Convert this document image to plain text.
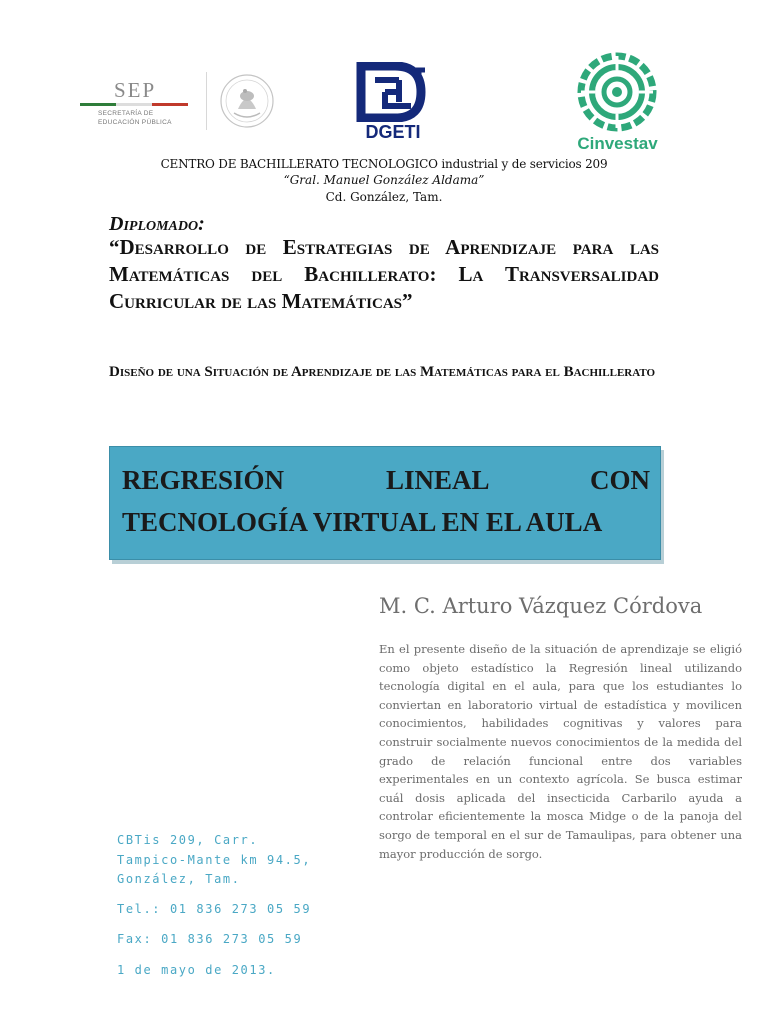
SEP
SECRETARÍA DE
EDUCACIÓN PÚBLICA	DGETI
Cinvestav
CENTRO DE BACHILLERATO TECNOLOGICO industrial y de servicios 209
“Gral. Manuel González Aldama”
Cd. González, Tam.
Diplomado:
“Desarrollo de Estrategias de Aprendizaje para las Matemáticas del Bachillerato: La Transversalidad Curricular de las Matemáticas”
Diseño de una Situación de Aprendizaje de las Matemáticas para el Bachillerato
REGRESIÓN LINEAL CON TECNOLOGÍA VIRTUAL EN EL AULA
M. C. Arturo Vázquez Córdova
En el presente diseño de la situación de aprendizaje se eligió como objeto estadístico la Regresión lineal utilizando tecnología digital en el aula, para que los estudiantes lo conviertan en laboratorio virtual de estadística y movilicen conocimientos, habilidades cognitivas y valores para construir socialmente nuevos conocimientos de la medida del grado de relación funcional entre dos variables experimentales en un contexto agrícola. Se busca estimar cuál dosis aplicada del insecticida Carbarilo ayuda a controlar eficientemente la mosca Midge o de la panoja del sorgo de temporal en el sur de Tamaulipas, para obtener una mayor producción de sorgo.
CBTis 209, Carr.
Tampico-Mante km 94.5,
González, Tam.
Tel.: 01 836 273 05 59
Fax: 01 836 273 05 59
1 de mayo de 2013.
